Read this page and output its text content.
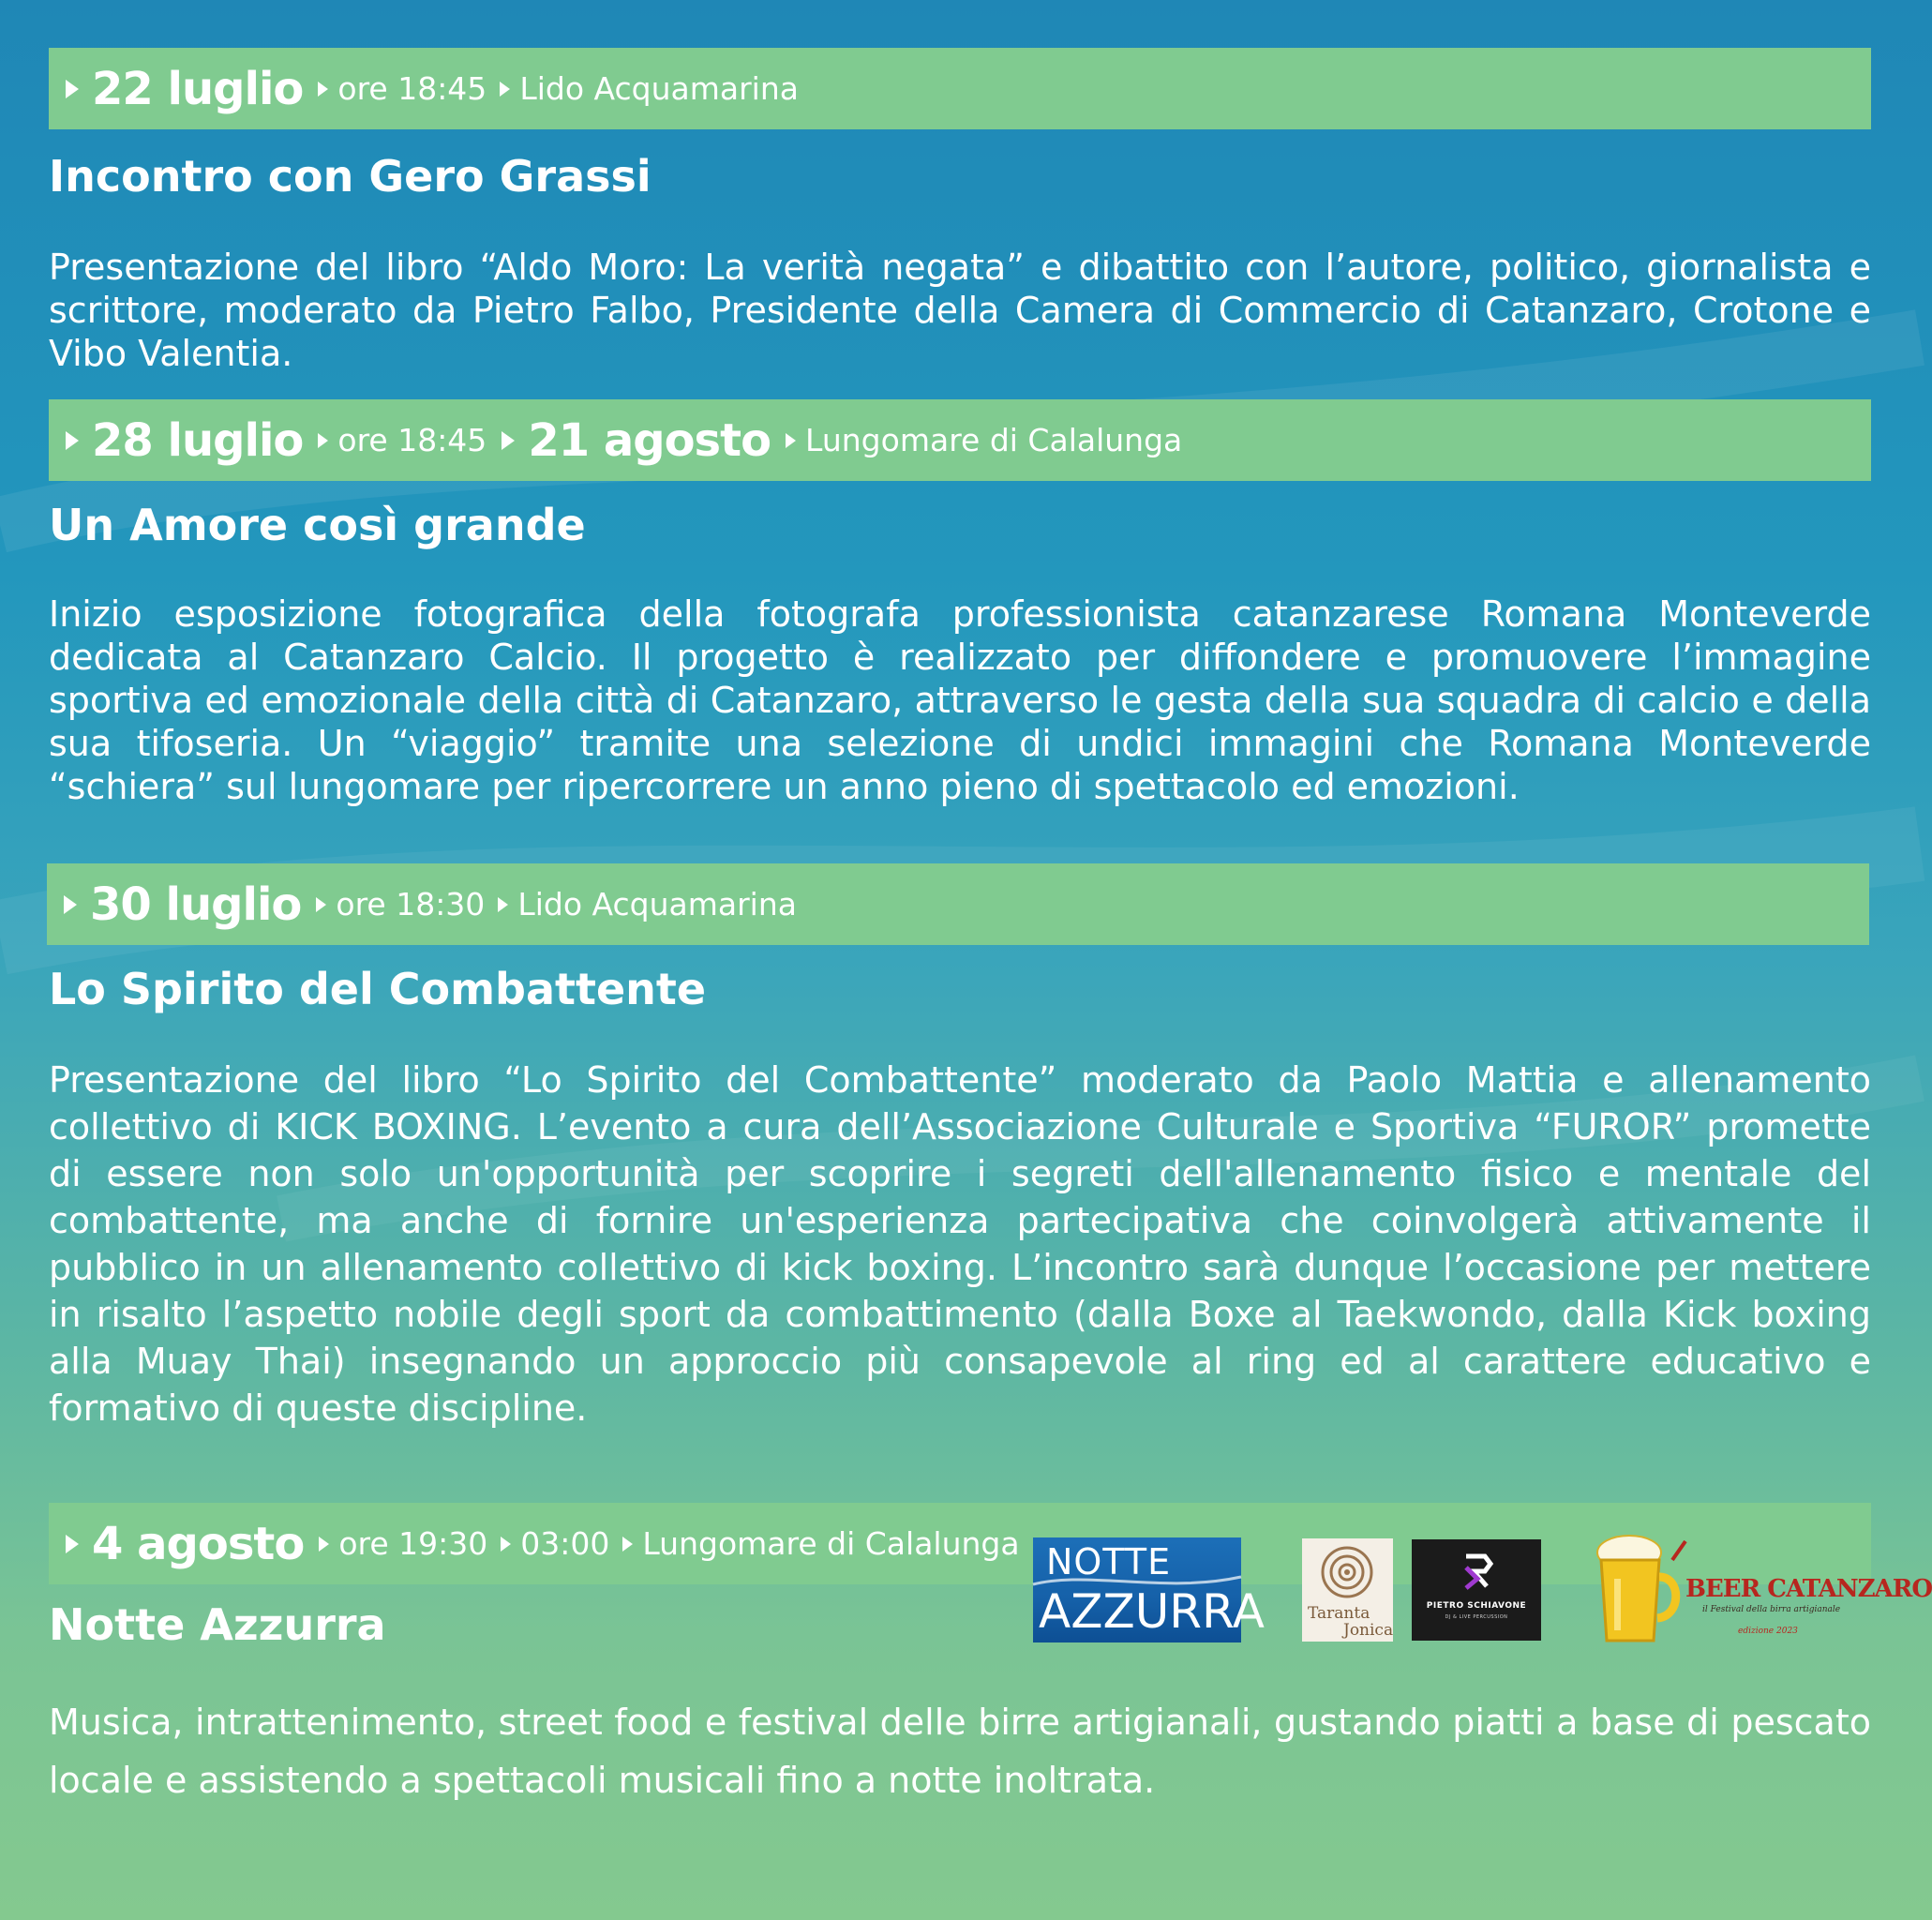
22 luglio ore 18:45 Lido Acquamarina
Incontro con Gero Grassi

Presentazione del libro “Aldo Moro: La verità negata” e dibattito con l’autore, politico, giornalista e scrittore, moderato da Pietro Falbo, Presidente della Camera di Commercio di Catanzaro, Crotone e Vibo Valentia.

28 luglio ore 18:45 21 agosto Lungomare di Calalunga
Un Amore così grande

Inizio esposizione fotografica della fotografa professionista catanzarese Romana Monteverde dedicata al Catanzaro Calcio. Il progetto è realizzato per diffondere e promuovere l’immagine sportiva ed emozionale della città di Catanzaro, attraverso le gesta della sua squadra di calcio e della sua tifoseria. Un “viaggio” tramite una selezione di undici immagini che Romana Monteverde “schiera” sul lungomare per ripercorrere un anno pieno di spettacolo ed emozioni.

30 luglio ore 18:30 Lido Acquamarina
Lo Spirito del Combattente

Presentazione del libro “Lo Spirito del Combattente” moderato da Paolo Mattia e allenamento collettivo di KICK BOXING. L’evento a cura dell’Associazione Culturale e Sportiva “FUROR” promette di essere non solo un'opportunità per scoprire i segreti dell'allenamento fisico e mentale del combattente, ma anche di fornire un'esperienza partecipativa che coinvolgerà attivamente il pubblico in un allenamento collettivo di kick boxing. L’incontro sarà dunque l’occasione per mettere in risalto l’aspetto nobile degli sport da combattimento (dalla Boxe al Taekwondo, dalla Kick boxing alla Muay Thai) insegnando un approccio più consapevole al ring ed al carattere educativo e formativo di queste discipline.

4 agosto ore 19:30 03:00 Lungomare di Calalunga
Notte Azzurra

Musica, intrattenimento, street food e festival delle birre artigianali, gustando piatti a base di pescato locale e assistendo a spettacoli musicali fino a notte inoltrata.

NOTTE
AZZURRA	Taranta
Jonica
PIETRO SCHIAVONE
DJ & LIVE PERCUSSION
BEER CATANZARO
il Festival della birra artigianale
edizione 2023
